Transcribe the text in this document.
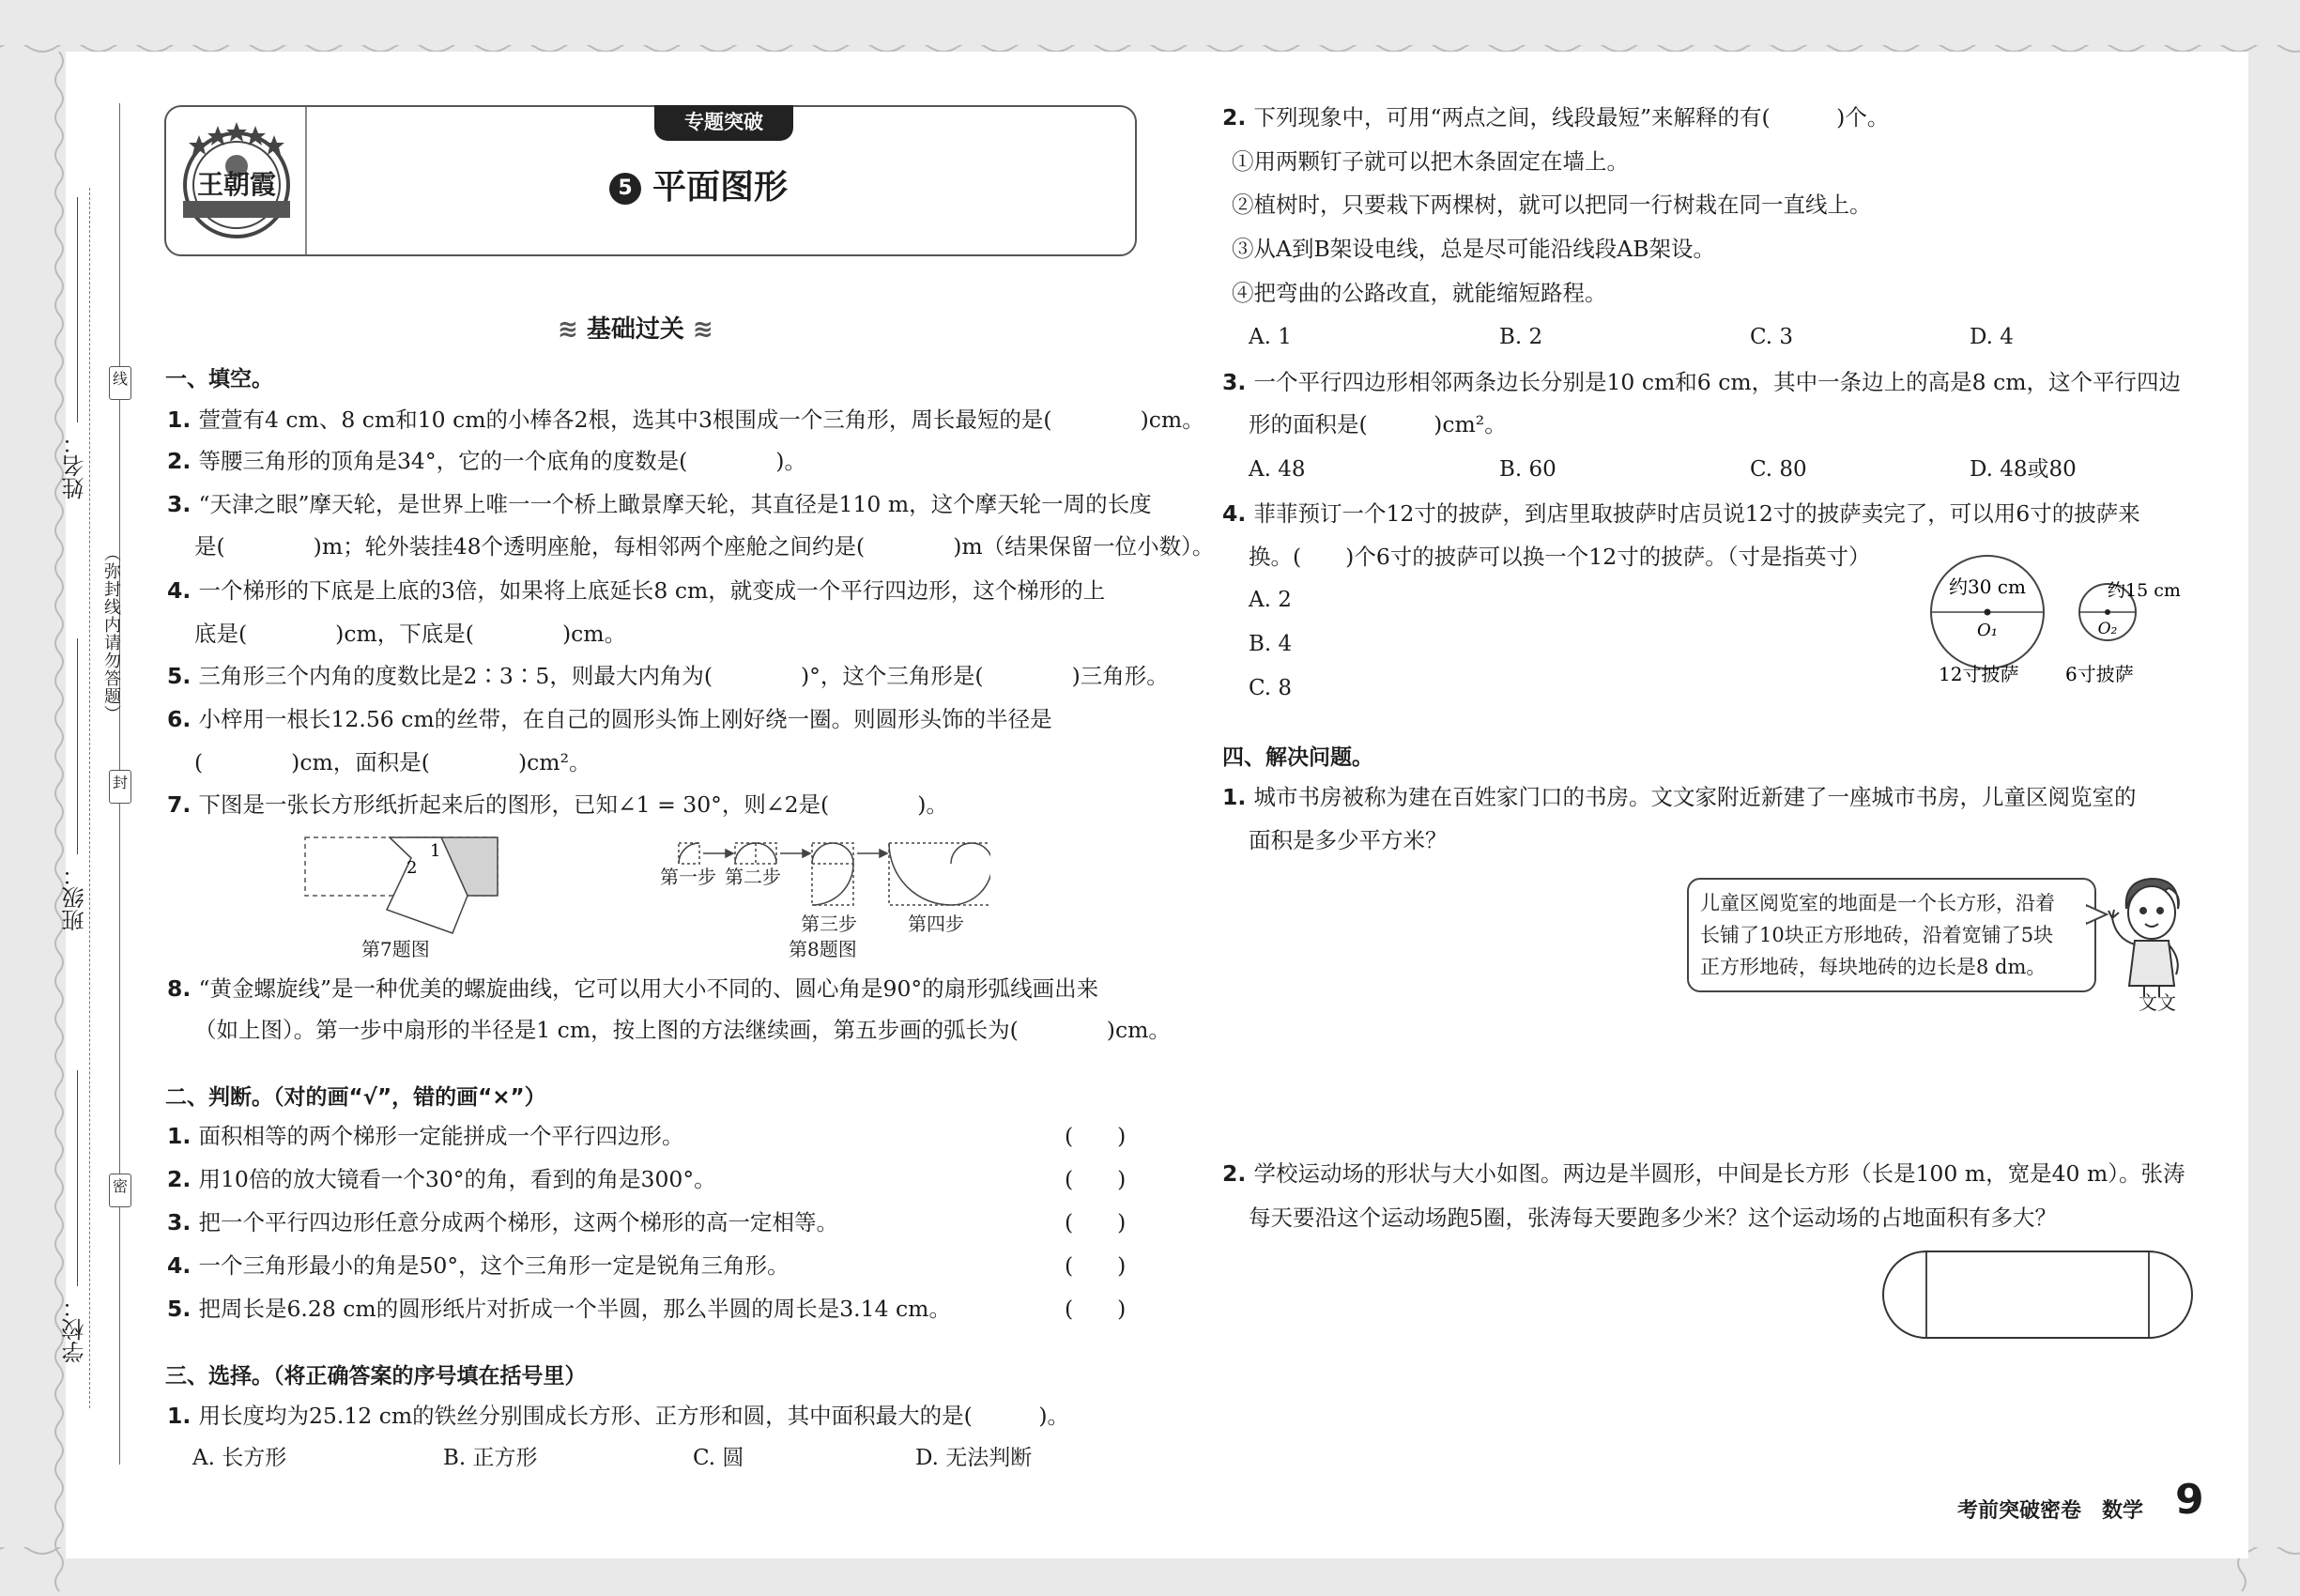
姓名：
班级：
学校：
（弥封线内请勿答题）
线
封
密
王朝霞
专题突破
5 平面图形
≋ 基础过关 ≋
一、填空。
1. 萱萱有4 cm、8 cm和10 cm的小棒各2根，选其中3根围成一个三角形，周长最短的是(　　　　)cm。
2. 等腰三角形的顶角是34°，它的一个底角的度数是(　　　　)。
3. “天津之眼”摩天轮，是世界上唯一一个桥上瞰景摩天轮，其直径是110 m，这个摩天轮一周的长度
是(　　　　)m；轮外装挂48个透明座舱，每相邻两个座舱之间约是(　　　　)m（结果保留一位小数）。
4. 一个梯形的下底是上底的3倍，如果将上底延长8 cm，就变成一个平行四边形，这个梯形的上
底是(　　　　)cm，下底是(　　　　)cm。
5. 三角形三个内角的度数比是2∶3∶5，则最大内角为(　　　　)°，这个三角形是(　　　　)三角形。
6. 小梓用一根长12.56 cm的丝带，在自己的圆形头饰上刚好绕一圈。则圆形头饰的半径是
(　　　　)cm，面积是(　　　　)cm²。
7. 下图是一张长方形纸折起来后的图形，已知∠1 = 30°，则∠2是(　　　　)。
1
2
第7题图
第一步 第二步
第三步	第四步
第8题图
8. “黄金螺旋线”是一种优美的螺旋曲线，它可以用大小不同的、圆心角是90°的扇形弧线画出来
（如上图）。第一步中扇形的半径是1 cm，按上图的方法继续画，第五步画的弧长为(　　　　)cm。
二、判断。（对的画“√”，错的画“×”）
1. 面积相等的两个梯形一定能拼成一个平行四边形。	(　　)
2. 用10倍的放大镜看一个30°的角，看到的角是300°。	(　　)
3. 把一个平行四边形任意分成两个梯形，这两个梯形的高一定相等。	(　　)
4. 一个三角形最小的角是50°，这个三角形一定是锐角三角形。	(　　)
5. 把周长是6.28 cm的圆形纸片对折成一个半圆，那么半圆的周长是3.14 cm。	(　　)
三、选择。（将正确答案的序号填在括号里）
1. 用长度均为25.12 cm的铁丝分别围成长方形、正方形和圆，其中面积最大的是(　　　)。
A. 长方形	B. 正方形	C. 圆	D. 无法判断
2. 下列现象中，可用“两点之间，线段最短”来解释的有(　　　)个。
①用两颗钉子就可以把木条固定在墙上。
②植树时，只要栽下两棵树，就可以把同一行树栽在同一直线上。
③从A到B架设电线，总是尽可能沿线段AB架设。
④把弯曲的公路改直，就能缩短路程。
A. 1	B. 2	C. 3	D. 4
3. 一个平行四边形相邻两条边长分别是10 cm和6 cm，其中一条边上的高是8 cm，这个平行四边
形的面积是(　　　)cm²。
A. 48	B. 60	C. 80	D. 48或80
4. 菲菲预订一个12寸的披萨，到店里取披萨时店员说12寸的披萨卖完了，可以用6寸的披萨来
换。(　　)个6寸的披萨可以换一个12寸的披萨。（寸是指英寸）
A. 2
B. 4
C. 8
约30 cm
O₁
约15 cm
O₂
12寸披萨 6寸披萨
四、解决问题。
1. 城市书房被称为建在百姓家门口的书房。文文家附近新建了一座城市书房，儿童区阅览室的
面积是多少平方米？
儿童区阅览室的地面是一个长方形，沿着
长铺了10块正方形地砖，沿着宽铺了5块
正方形地砖，每块地砖的边长是8 dm。
文文
2. 学校运动场的形状与大小如图。两边是半圆形，中间是长方形（长是100 m，宽是40 m）。张涛
每天要沿这个运动场跑5圈，张涛每天要跑多少米？这个运动场的占地面积有多大？
考前突破密卷　数学 9
